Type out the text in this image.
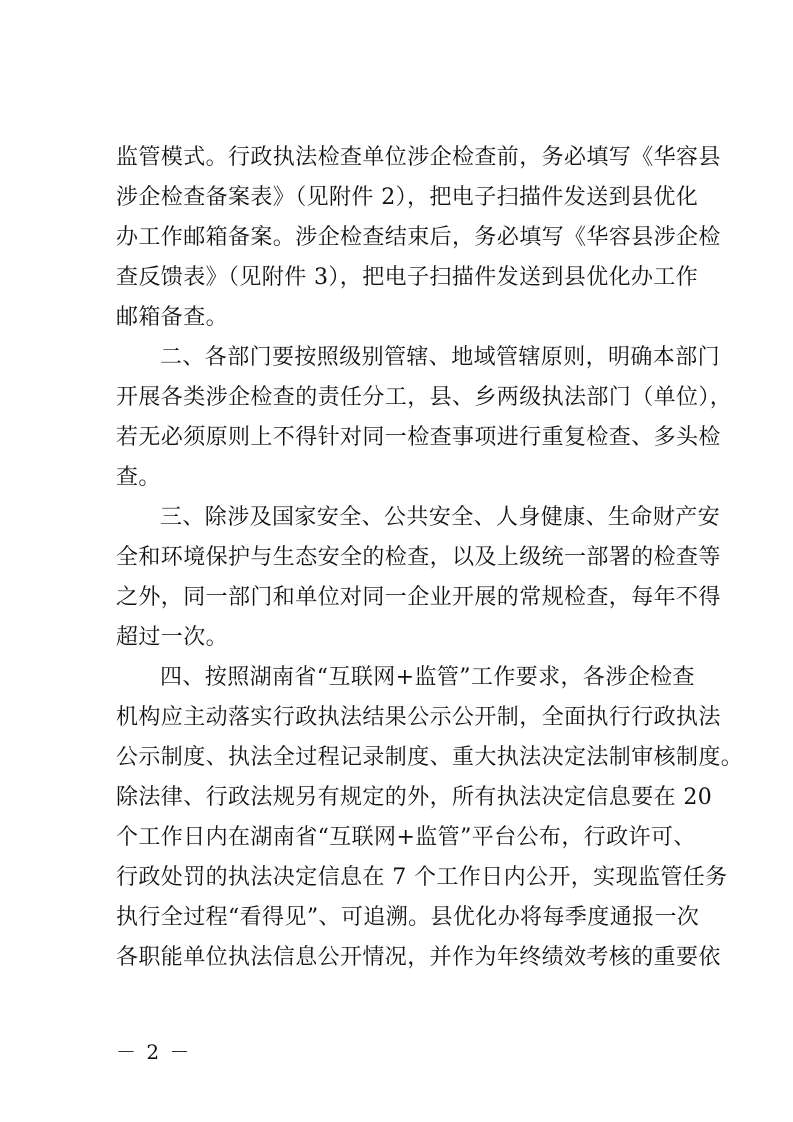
监管模式。行政执法检查单位涉企检查前，务必填写《华容县
涉企检查备案表》（见附件 2），把电子扫描件发送到县优化
办工作邮箱备案。涉企检查结束后，务必填写《华容县涉企检
查反馈表》（见附件 3），把电子扫描件发送到县优化办工作
邮箱备查。
二、各部门要按照级别管辖、地域管辖原则，明确本部门
开展各类涉企检查的责任分工，县、乡两级执法部门（单位），
若无必须原则上不得针对同一检查事项进行重复检查、多头检
查。
三、除涉及国家安全、公共安全、人身健康、生命财产安
全和环境保护与生态安全的检查，以及上级统一部署的检查等
之外，同一部门和单位对同一企业开展的常规检查，每年不得
超过一次。
四、按照湖南省“互联网+监管”工作要求，各涉企检查
机构应主动落实行政执法结果公示公开制，全面执行行政执法
公示制度、执法全过程记录制度、重大执法决定法制审核制度。
除法律、行政法规另有规定的外，所有执法决定信息要在 20
个工作日内在湖南省“互联网+监管”平台公布，行政许可、
行政处罚的执法决定信息在 7 个工作日内公开，实现监管任务
执行全过程“看得见”、可追溯。县优化办将每季度通报一次
各职能单位执法信息公开情况，并作为年终绩效考核的重要依
－ 2 －
